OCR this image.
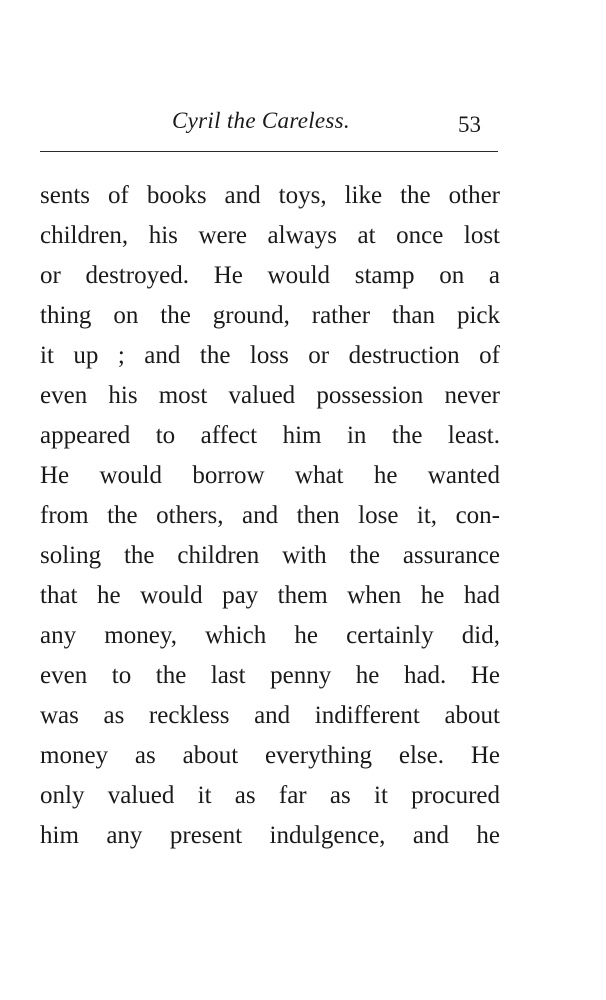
Cyril the Careless.	53
sents of books and toys, like the other
children, his were always at once lost
or destroyed. He would stamp on a
thing on the ground, rather than pick
it up ; and the loss or destruction of
even his most valued possession never
appeared to affect him in the least.
He would borrow what he wanted
from the others, and then lose it, con-
soling the children with the assurance
that he would pay them when he had
any money, which he certainly did,
even to the last penny he had. He
was as reckless and indifferent about
money as about everything else. He
only valued it as far as it procured
him any present indulgence, and he
